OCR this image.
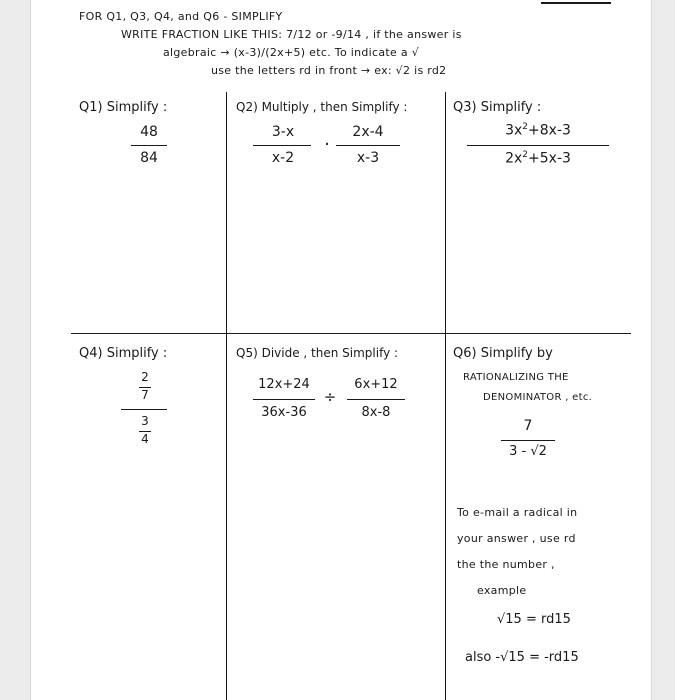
FOR Q1, Q3, Q4, and Q6 - SIMPLIFY
WRITE FRACTION LIKE THIS: 7/12 or -9/14 , if the answer is
algebraic → (x-3)/(2x+5) etc. To indicate a √
use the letters rd in front → ex: √2 is rd2
Q1) Simplify :
48
84
Q2) Multiply , then Simplify :
3-x
x-2
·
2x-4
x-3
Q3) Simplify :
$3x^2+8x-3$
$2x^2+5x-3$
Q4) Simplify :
2
7
3
4
Q5) Divide , then Simplify :
12x+24
36x-36
÷
6x+12
8x-8
Q6) Simplify by
RATIONALIZING THE
DENOMINATOR , etc.
7
3 - √2
To e-mail a radical in
your answer , use rd
the the number ,
example
√15 = rd15
also -√15 = -rd15
